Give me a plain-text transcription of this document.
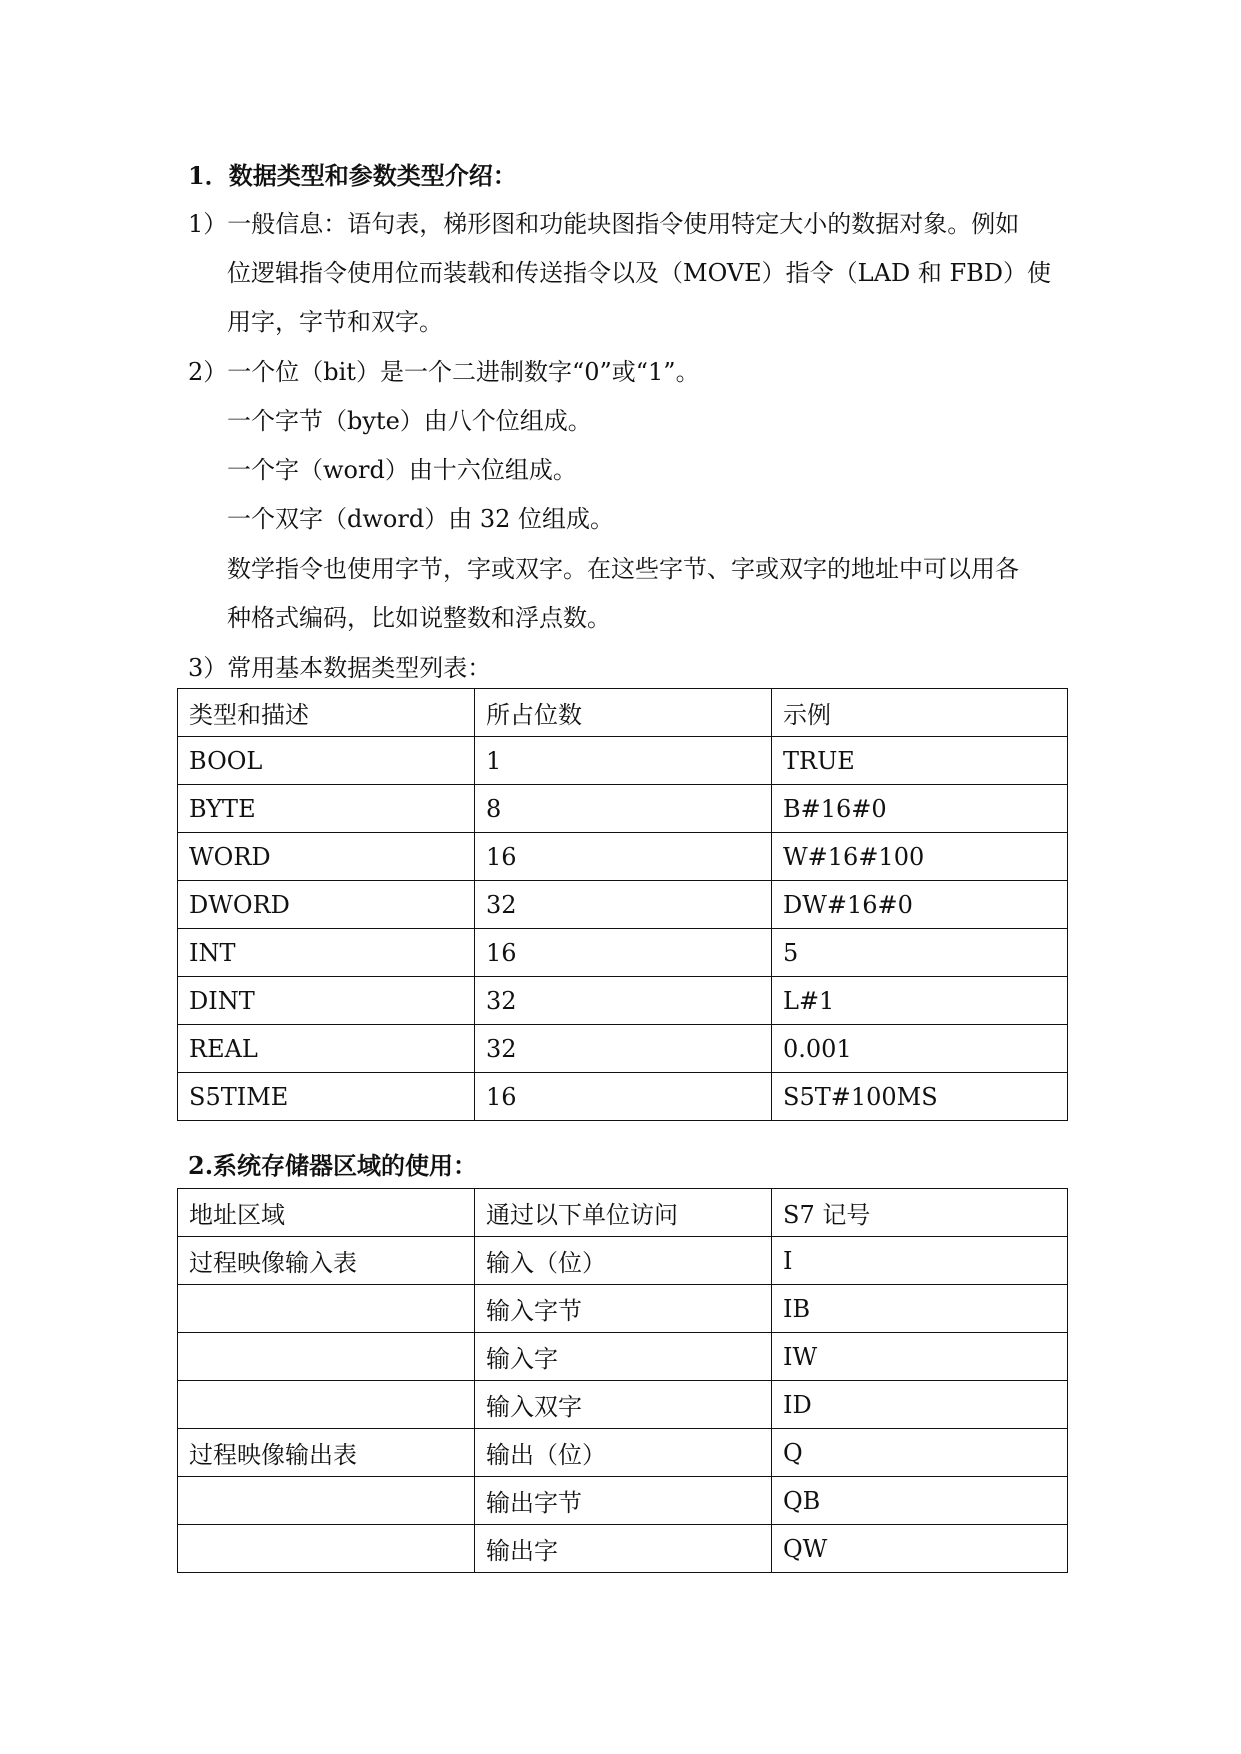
1．数据类型和参数类型介绍：
1）一般信息：语句表，梯形图和功能块图指令使用特定大小的数据对象。例如
位逻辑指令使用位而装载和传送指令以及（MOVE）指令（LAD 和 FBD）使
用字，字节和双字。
2）一个位（bit）是一个二进制数字“0”或“1”。
一个字节（byte）由八个位组成。
一个字（word）由十六位组成。
一个双字（dword）由 32 位组成。
数学指令也使用字节，字或双字。在这些字节、字或双字的地址中可以用各
种格式编码，比如说整数和浮点数。
3）常用基本数据类型列表：
类型和描述	所占位数	示例
BOOL	1	TRUE
BYTE	8	B#16#0
WORD	16	W#16#100
DWORD	32	DW#16#0
INT	16	5
DINT	32	L#1
REAL	32	0.001
S5TIME	16	S5T#100MS
2.系统存储器区域的使用：
地址区域	通过以下单位访问	S7 记号
过程映像输入表	输入（位）	I
	输入字节	IB
	输入字	IW
	输入双字	ID
过程映像输出表	输出（位）	Q
	输出字节	QB
	输出字	QW
